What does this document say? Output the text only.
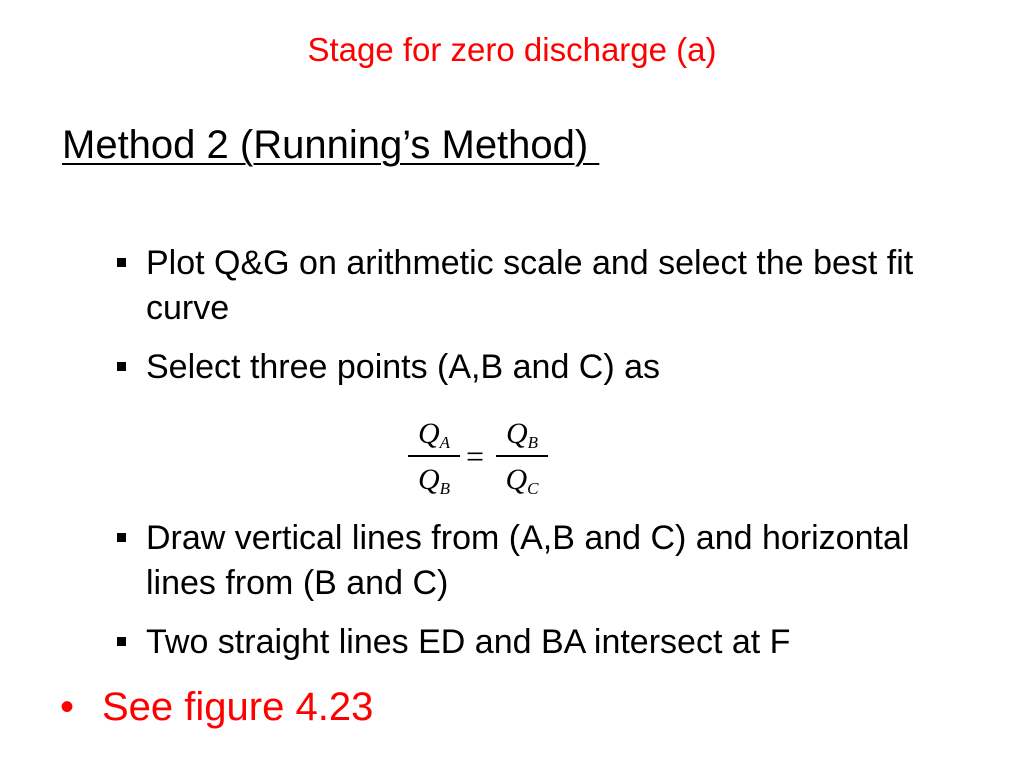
Stage for zero discharge (a)
Method 2 (Running’s Method)
Plot Q&G on arithmetic scale and select the best fit curve
Select three points (A,B and C) as
$Q_A$
$Q_B$
=
$Q_B$
$Q_C$
Draw vertical lines from (A,B and C) and horizontal lines from (B and C)
Two straight lines ED and BA intersect at F
• See figure 4.23
